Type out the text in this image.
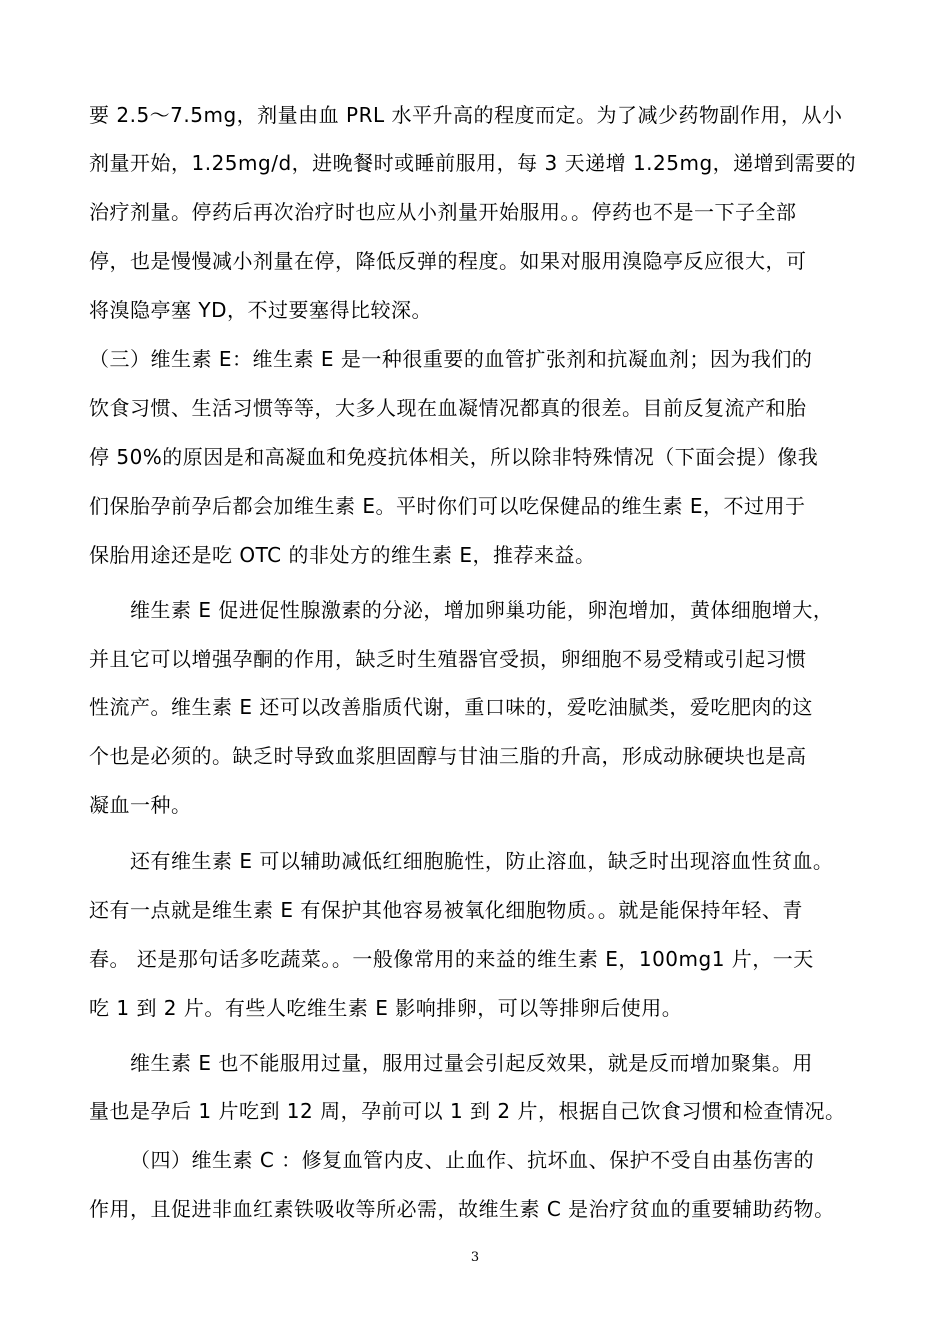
要 2.5～7.5mg，剂量由血 PRL 水平升高的程度而定。为了减少药物副作用，从小
剂量开始，1.25mg/d，进晚餐时或睡前服用，每 3 天递增 1.25mg，递增到需要的
治疗剂量。停药后再次治疗时也应从小剂量开始服用。。停药也不是一下子全部
停，也是慢慢减小剂量在停，降低反弹的程度。如果对服用溴隐亭反应很大，可
将溴隐亭塞 YD，不过要塞得比较深。
（三）维生素 E：维生素 E 是一种很重要的血管扩张剂和抗凝血剂；因为我们的
饮食习惯、生活习惯等等，大多人现在血凝情况都真的很差。目前反复流产和胎
停 50%的原因是和高凝血和免疫抗体相关，所以除非特殊情况（下面会提）像我
们保胎孕前孕后都会加维生素 E。平时你们可以吃保健品的维生素 E，不过用于
保胎用途还是吃 OTC 的非处方的维生素 E，推荐来益。
维生素 E 促进促性腺激素的分泌，增加卵巢功能，卵泡增加，黄体细胞增大，
并且它可以增强孕酮的作用，缺乏时生殖器官受损，卵细胞不易受精或引起习惯
性流产。维生素 E 还可以改善脂质代谢，重口味的，爱吃油腻类，爱吃肥肉的这
个也是必须的。缺乏时导致血浆胆固醇与甘油三脂的升高，形成动脉硬块也是高
凝血一种。
还有维生素 E 可以辅助减低红细胞脆性，防止溶血，缺乏时出现溶血性贫血。
还有一点就是维生素 E 有保护其他容易被氧化细胞物质。。就是能保持年轻、青
春。 还是那句话多吃蔬菜。。一般像常用的来益的维生素 E，100mg1 片，一天
吃 1 到 2 片。有些人吃维生素 E 影响排卵，可以等排卵后使用。
维生素 E 也不能服用过量，服用过量会引起反效果，就是反而增加聚集。用
量也是孕后 1 片吃到 12 周，孕前可以 1 到 2 片，根据自己饮食习惯和检查情况。
（四）维生素 C ：修复血管内皮、止血作、抗坏血、保护不受自由基伤害的
作用，且促进非血红素铁吸收等所必需，故维生素 C 是治疗贫血的重要辅助药物。
3
